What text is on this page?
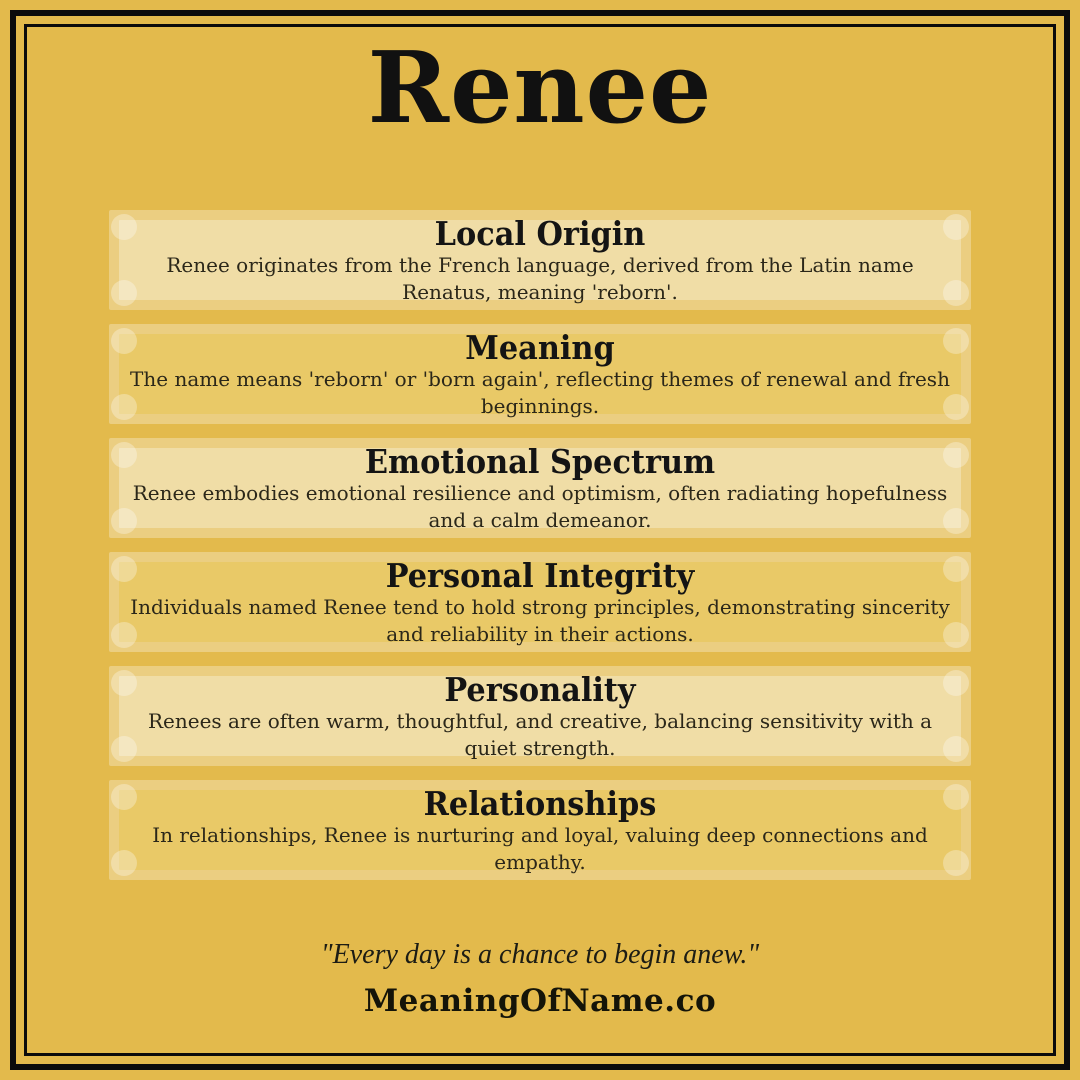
Renee
Local Origin
Renee originates from the French language, derived from the Latin name Renatus, meaning 'reborn'.
Meaning
The name means 'reborn' or 'born again', reflecting themes of renewal and fresh beginnings.
Emotional Spectrum
Renee embodies emotional resilience and optimism, often radiating hopefulness and a calm demeanor.
Personal Integrity
Individuals named Renee tend to hold strong principles, demonstrating sincerity and reliability in their actions.
Personality
Renees are often warm, thoughtful, and creative, balancing sensitivity with a quiet strength.
Relationships
In relationships, Renee is nurturing and loyal, valuing deep connections and empathy.
"Every day is a chance to begin anew."
MeaningOfName.co
